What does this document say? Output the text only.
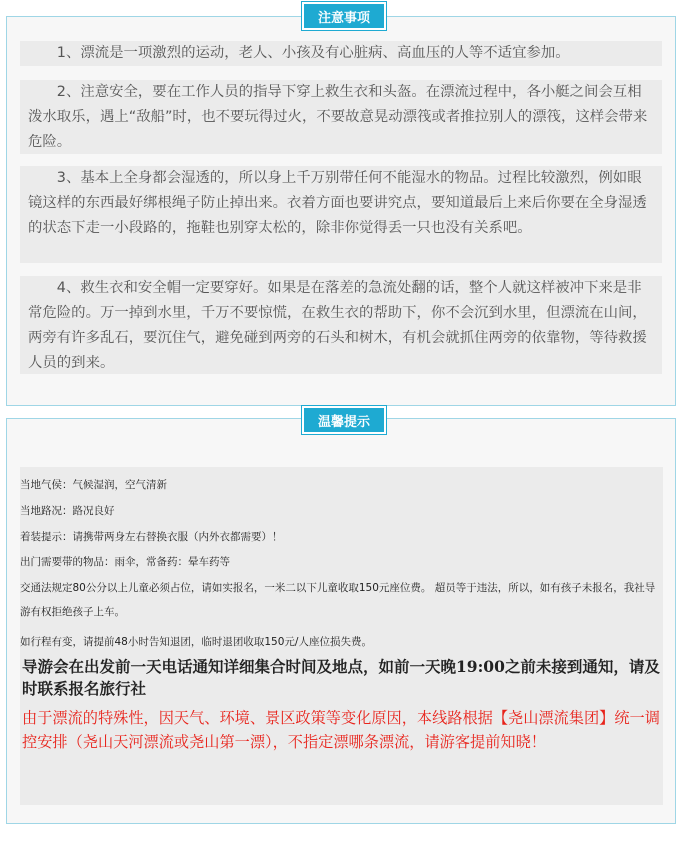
注意事项
1、漂流是一项激烈的运动，老人、小孩及有心脏病、高血压的人等不适宜参加。
2、注意安全，要在工作人员的指导下穿上救生衣和头盔。在漂流过程中，各小艇之间会互相泼水取乐，遇上“敌船”时，也不要玩得过火，不要故意晃动漂筏或者推拉别人的漂筏，这样会带来危险。
3、基本上全身都会湿透的，所以身上千万别带任何不能湿水的物品。过程比较激烈，例如眼镜这样的东西最好绑根绳子防止掉出来。衣着方面也要讲究点，要知道最后上来后你要在全身湿透的状态下走一小段路的，拖鞋也别穿太松的，除非你觉得丢一只也没有关系吧。
4、救生衣和安全帽一定要穿好。如果是在落差的急流处翻的话，整个人就这样被冲下来是非常危险的。万一掉到水里，千万不要惊慌，在救生衣的帮助下，你不会沉到水里，但漂流在山间，两旁有许多乱石，要沉住气，避免碰到两旁的石头和树木，有机会就抓住两旁的依靠物，等待救援人员的到来。
温馨提示
当地气侯：气候湿润，空气清新
当地路况：路况良好
着装提示：请携带两身左右替换衣服（内外衣都需要）！
出门需要带的物品：雨伞，常备药：晕车药等
交通法规定80公分以上儿童必须占位，请如实报名，一米二以下儿童收取150元座位费。 超员等于违法，所以，如有孩子未报名，我社导游有权拒绝孩子上车。
如行程有变，请提前48小时告知退团，临时退团收取150元/人座位损失费。
导游会在出发前一天电话通知详细集合时间及地点，如前一天晚19:00之前未接到通知，请及时联系报名旅行社
由于漂流的特殊性，因天气、环境、景区政策等变化原因，本线路根据【尧山漂流集团】统一调控安排（尧山天河漂流或尧山第一漂），不指定漂哪条漂流，请游客提前知晓！
